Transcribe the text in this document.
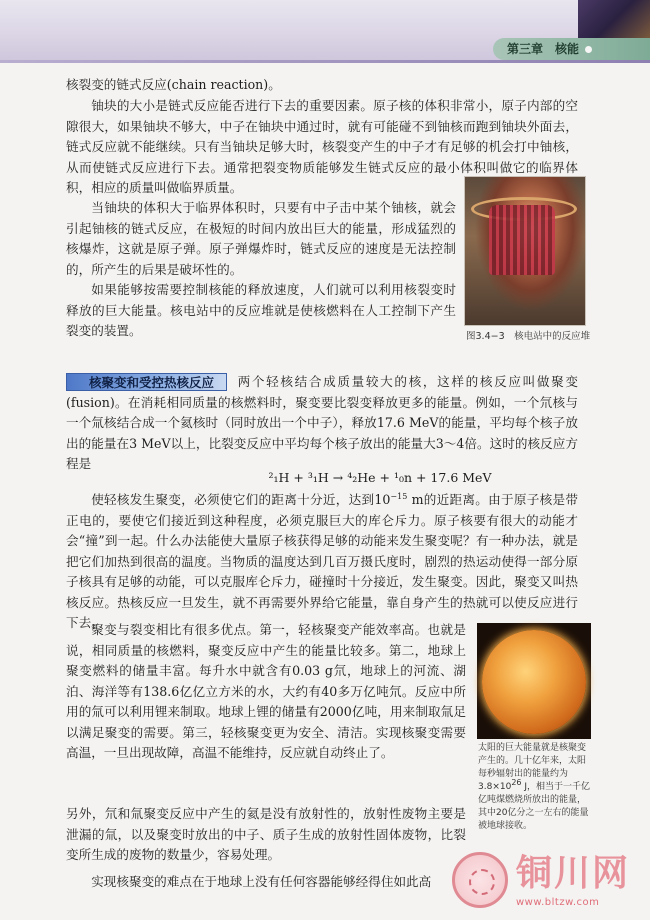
第三章　核能

核裂变的链式反应(chain reaction)。

铀块的大小是链式反应能否进行下去的重要因素。原子核的体积非常小，原子内部的空隙很大，如果铀块不够大，中子在铀块中通过时，就有可能碰不到铀核而跑到铀块外面去，链式反应就不能继续。只有当铀块足够大时，核裂变产生的中子才有足够的机会打中铀核，从而使链式反应进行下去。通常把裂变物质能够发生链式反应的最小体积叫做它的临界体积，相应的质量叫做临界质量。

当铀块的体积大于临界体积时，只要有中子击中某个铀核，就会引起铀核的链式反应，在极短的时间内放出巨大的能量，形成猛烈的核爆炸，这就是原子弹。原子弹爆炸时，链式反应的速度是无法控制的，所产生的后果是破坏性的。

如果能够按需要控制核能的释放速度，人们就可以利用核裂变时释放的巨大能量。核电站中的反应堆就是使核燃料在人工控制下产生裂变的装置。	图3.4−3　核电站中的反应堆
核聚变和受控热核反应	两个轻核结合成质量较大的核，这样的核反应叫做聚变(fusion)。在消耗相同质量的核燃料时，聚变要比裂变释放更多的能量。例如，一个氘核与一个氚核结合成一个氦核时（同时放出一个中子），释放17.6 MeV的能量，平均每个核子放出的能量在3 MeV以上，比裂变反应中平均每个核子放出的能量大3～4倍。这时的核反应方程是

²₁H + ³₁H → ⁴₂He + ¹₀n + 17.6 MeV

使轻核发生聚变，必须使它们的距离十分近，达到$10^{-15}$ m的近距离。由于原子核是带正电的，要使它们接近到这种程度，必须克服巨大的库仑斥力。原子核要有很大的动能才会“撞”到一起。什么办法能使大量原子核获得足够的动能来发生聚变呢？有一种办法，就是把它们加热到很高的温度。当物质的温度达到几百万摄氏度时，剧烈的热运动使得一部分原子核具有足够的动能，可以克服库仑斥力，碰撞时十分接近，发生聚变。因此，聚变又叫热核反应。热核反应一旦发生，就不再需要外界给它能量，靠自身产生的热就可以使反应进行下去。

聚变与裂变相比有很多优点。第一，轻核聚变产能效率高。也就是说，相同质量的核燃料，聚变反应中产生的能量比较多。第二，地球上聚变燃料的储量丰富。每升水中就含有0.03 g氘，地球上的河流、湖泊、海洋等有138.6亿亿立方米的水，大约有40多万亿吨氘。反应中所用的氚可以利用锂来制取。地球上锂的储量有2000亿吨，用来制取氚足以满足聚变的需要。第三，轻核聚变更为安全、清洁。实现核聚变需要高温，一旦出现故障，高温不能维持，反应就自动终止了。

另外，氘和氚聚变反应中产生的氦是没有放射性的，放射性废物主要是泄漏的氚，以及聚变时放出的中子、质子生成的放射性固体废物，比裂变所生成的废物的数量少，容易处理。

太阳的巨大能量就是核聚变产生的。几十亿年来，太阳每秒辐射出的能量约为$3.8\times 10^{26}$ J，相当于一千亿亿吨煤燃烧所放出的能量，其中20亿分之一左右的能量被地球接收。

实现核聚变的难点在于地球上没有任何容器能够经得住如此高	铜川网
www.bltzw.com
